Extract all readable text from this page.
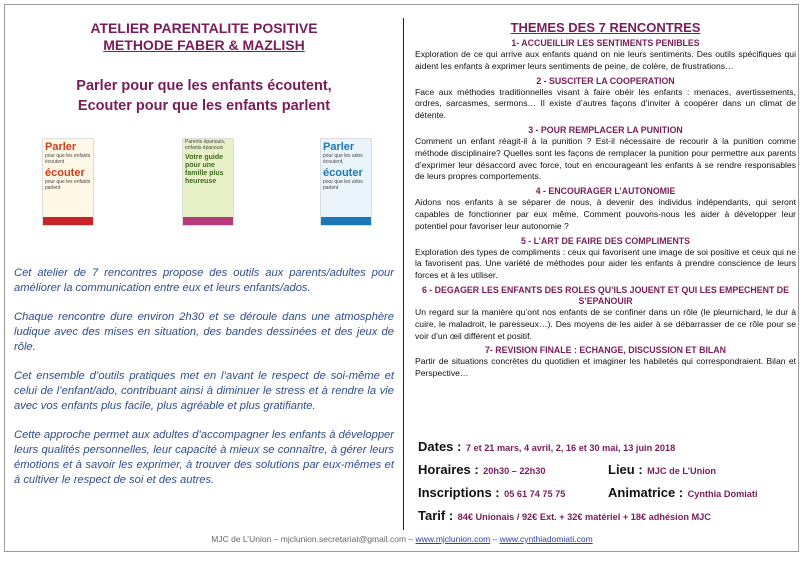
ATELIER PARENTALITE POSITIVE

METHODE FABER & MAZLISH

Parler pour que les enfants écoutent,
Ecouter pour que les enfants parlent
Parler
pour que les enfants écoutent
écouter
pour que les enfants parlent
Parents épanouis, enfants épanouis
Votre guide pour une famille plus heureuse
Parler
pour que les ados écoutent,
écouter
pour que les ados parlent

Cet atelier de 7 rencontres propose des outils aux parents/adultes pour améliorer la communication entre eux et leurs enfants/ados.

Chaque rencontre dure environ 2h30 et se déroule dans une atmosphère ludique avec des mises en situation, des bandes dessinées et des jeux de rôle.

Cet ensemble d’outils pratiques met en l’avant le respect de soi-même et celui de l’enfant/ado, contribuant ainsi à diminuer le stress et à rendre la vie avec vos enfants plus facile, plus agréable et plus gratifiante.

Cette approche permet aux adultes d’accompagner les enfants à développer leurs qualités personnelles, leur capacité à mieux se connaître, à gérer leurs émotions et à savoir les exprimer, à trouver des solutions par eux-mêmes et à cultiver le respect de soi et des autres.

THEMES DES 7 RENCONTRES

1- ACCUEILLIR LES SENTIMENTS PENIBLES

Exploration de ce qui arrive aux enfants quand on nie leurs sentiments. Des outils spécifiques qui aident les enfants à exprimer leurs sentiments de peine, de colère, de frustrations…

2 - SUSCITER LA COOPERATION

Face aux méthodes traditionnelles visant à faire obéir les enfants : menaces, avertissements, ordres, sarcasmes, sermons… Il existe d’autres façons d’inviter à coopérer dans un climat de détente.

3 - POUR REMPLACER LA PUNITION

Comment un enfant réagit-il à la punition ? Est-il nécessaire de recourir à la punition comme méthode disciplinaire? Quelles sont les façons de remplacer la punition pour permettre aux parents d’exprimer leur désaccord avec force, tout en encourageant les enfants à se rendre responsables de leurs propres comportements.

4 - ENCOURAGER L’AUTONOMIE

Aidons nos enfants à se séparer de nous, à devenir des individus indépendants, qui seront capables de fonctionner par eux même. Comment pouvons-nous les aider à développer leur potentiel pour favoriser leur autonomie ?

5 - L’ART DE FAIRE DES COMPLIMENTS

Exploration des types de compliments : ceux qui favorisent une image de soi positive et ceux qui ne la favorisent pas. Une variété de méthodes pour aider les enfants à prendre conscience de leurs forces et à les utiliser.

6 - DEGAGER LES ENFANTS DES ROLES QU’ILS JOUENT ET QUI LES EMPECHENT DE S’EPANOUIR

Un regard sur la manière qu’ont nos enfants de se confiner dans un rôle (le pleurnichard, le dur à cuire, le maladroit, le paresseux…). Des moyens de les aider à se débarrasser de ce rôle pour se voir d’un œil différent et positif.

7- REVISION FINALE : ECHANGE, DISCUSSION ET BILAN

Partir de situations concrètes du quotidien et imaginer les habiletés qui correspondraient. Bilan et Perspective…

Dates : 7 et 21 mars, 4 avril, 2, 16 et 30 mai, 13 juin 2018
Horaires : 20h30 – 22h30	Lieu : MJC de L’Union
Inscriptions : 05 61 74 75 75	Animatrice : Cynthia Domiati
Tarif : 84€ Unionais / 92€ Ext. + 32€ matériel + 18€ adhésion MJC
MJC de L’Union – mjclunion.secretariat@gmail.com – www.mjclunion.com – www.cynthiadomiati.com
